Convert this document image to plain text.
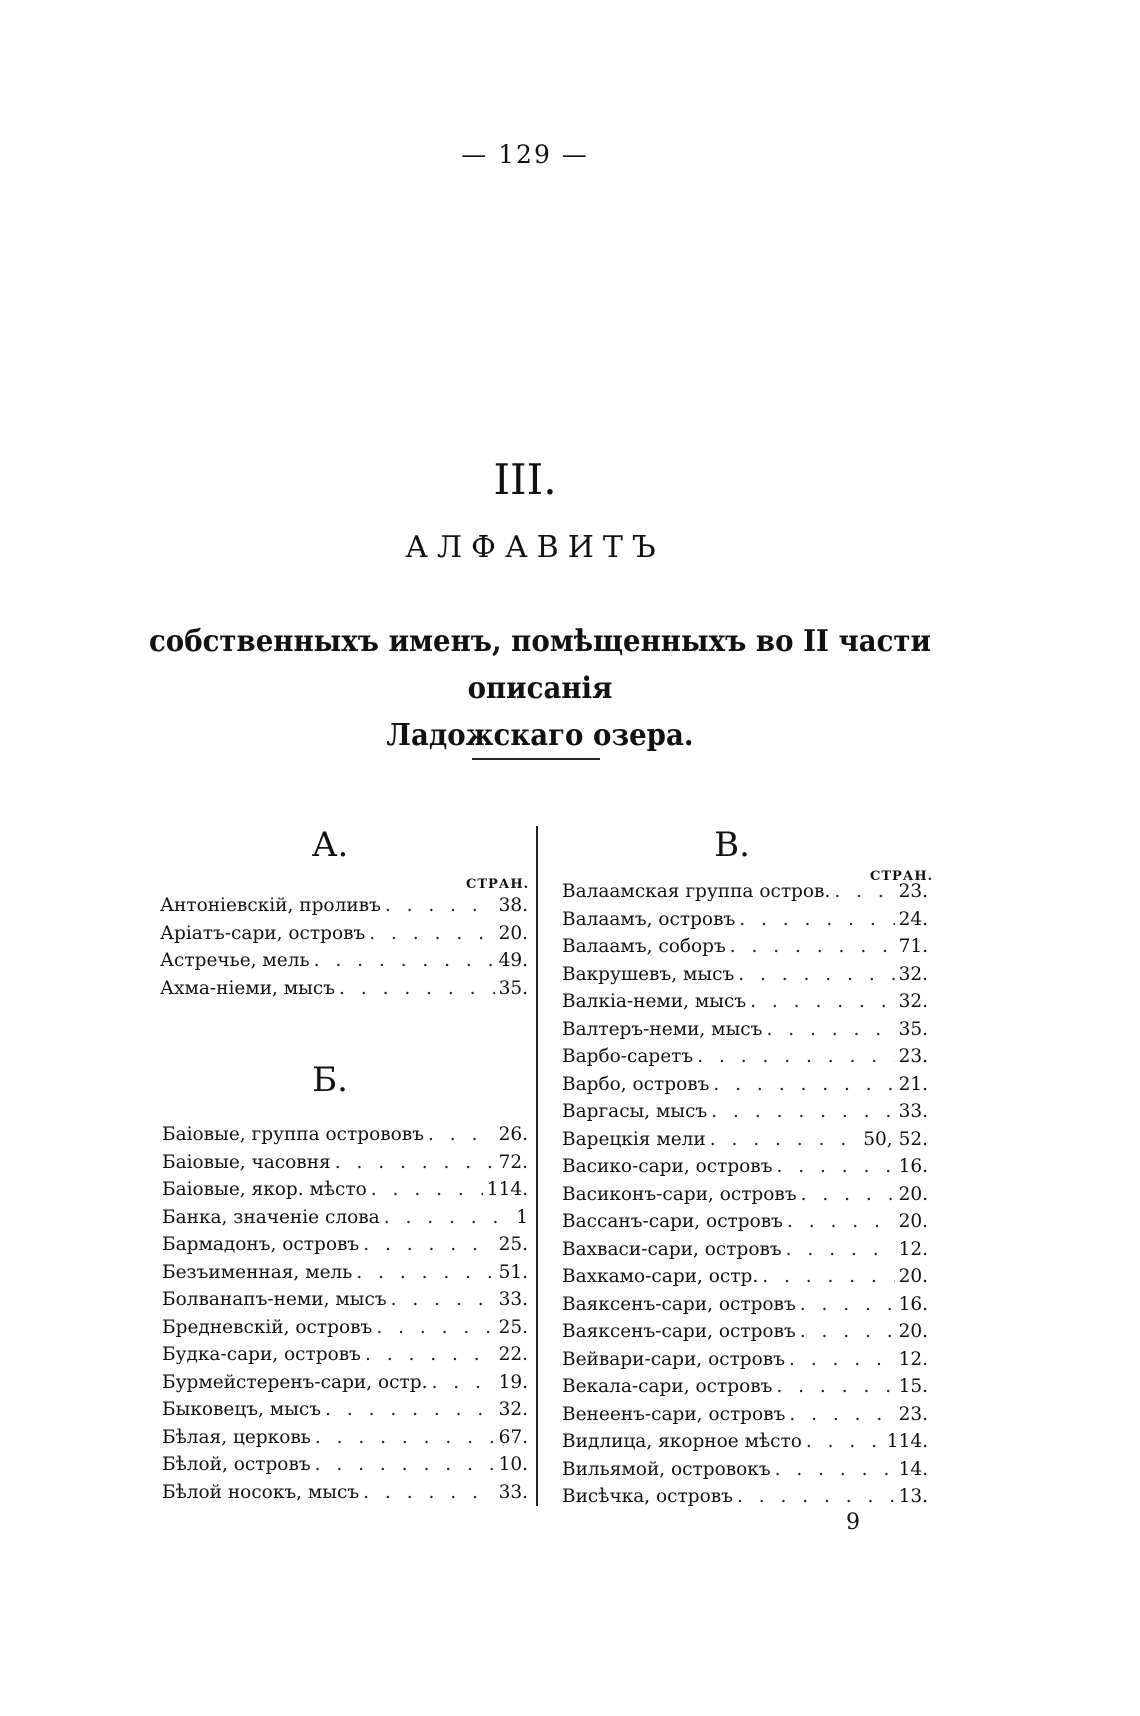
— 129 —
III.
АЛФАВИТЪ
собственныхъ именъ, помѣщенныхъ во II части описанія
Ладожскаго озера.
А.
СТРАН.
Антоніевскій, проливъ . . .	38.
Аріатъ-сари, островъ . . .	20.
Астречье, мель . . .	49.
Ахма-ніеми, мысъ . . .	35.
Б.
Баіовые, группа острововъ . . .	26.
Баіовые, часовня . . .	72.
Баіовые, якор. мѣсто . . .	114.
Банка, значеніе слова . . .	1
Бармадонъ, островъ . . .	25.
Безъименная, мель . . .	51.
Болванапъ-неми, мысъ . . .	33.
Бредневскій, островъ . . .	25.
Будка-сари, островъ . . .	22.
Бурмейстеренъ-сари, остр. . . .	19.
Быковецъ, мысъ . . .	32.
Бѣлая, церковь . . .	67.
Бѣлой, островъ . . .	10.
Бѣлой носокъ, мысъ . . .	33.
В.
СТРАН.
Валаамская группа остров. . . .	23.
Валаамъ, островъ . . .	24.
Валаамъ, соборъ . . .	71.
Вакрушевъ, мысъ . . .	32.
Валкіа-неми, мысъ . . .	32.
Валтеръ-неми, мысъ . . .	35.
Варбо-саретъ . . .	23.
Варбо, островъ . . .	21.
Варгасы, мысъ . . .	33.
Варецкія мели . . .	50, 52.
Васико-сари, островъ . . .	16.
Васиконъ-сари, островъ . . .	20.
Вассанъ-сари, островъ . . .	20.
Вахваси-сари, островъ . . .	12.
Вахкамо-сари, остр. . . .	20.
Ваяксенъ-сари, островъ . . .	16.
Ваяксенъ-сари, островъ . . .	20.
Вейвари-сари, островъ . . .	12.
Векала-сари, островъ . . .	15.
Венеенъ-сари, островъ . . .	23.
Видлица, якорное мѣсто . . .	114.
Вильямой, островокъ . . .	14.
Висѣчка, островъ . . .	13.
9
